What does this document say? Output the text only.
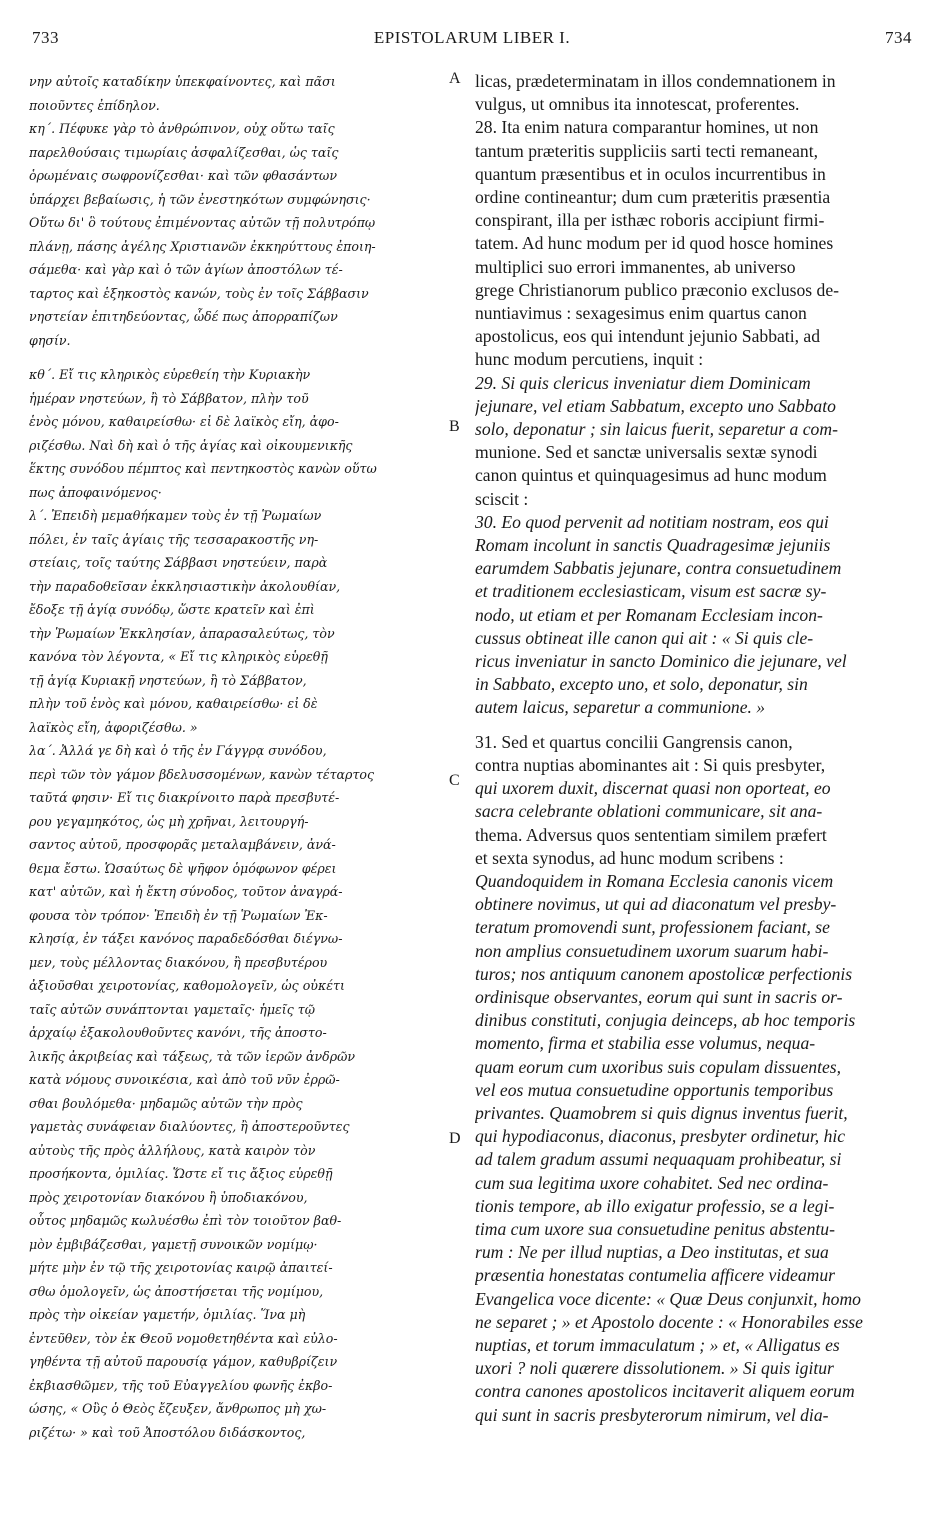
733	EPISTOLARUM LIBER I.	734
A
B
C
D
νην αὐτοῖς καταδίκην ὑπεκφαίνοντες, καὶ πᾶσι
ποιοῦντες ἐπίδηλον.
κη΄. Πέφυκε γὰρ τὸ ἀνθρώπινον, οὐχ οὕτω ταῖς
παρελθούσαις τιμωρίαις ἀσφαλίζεσθαι, ὡς ταῖς
ὁρωμέναις σωφρονίζεσθαι· καὶ τῶν φθασάντων
ὑπάρχει βεβαίωσις, ἡ τῶν ἐνεστηκότων συμφώνησις·
Οὕτω δι' ὃ τούτους ἐπιμένοντας αὐτῶν τῇ πολυτρόπῳ
πλάνῃ, πάσης ἀγέλης Χριστιανῶν ἐκκηρύττους ἐποιη-
σάμεθα· καὶ γὰρ καὶ ὁ τῶν ἁγίων ἀποστόλων τέ-
ταρτος καὶ ἑξηκοστὸς κανών, τοὺς ἐν τοῖς Σάββασιν
νηστείαν ἐπιτηδεύοντας, ὧδέ πως ἀπορραπίζων
φησίν.
κθ΄. Εἴ τις κληρικὸς εὑρεθείη τὴν Κυριακὴν
ἡμέραν νηστεύων, ἢ τὸ Σάββατον, πλὴν τοῦ
ἑνὸς μόνου, καθαιρείσθω· εἰ δὲ λαϊκὸς εἴη, ἀφο-
ριζέσθω. Ναὶ δὴ καὶ ὁ τῆς ἁγίας καὶ οἰκουμενικῆς
ἕκτης συνόδου πέμπτος καὶ πεντηκοστὸς κανὼν οὕτω
πως ἀποφαινόμενος·
λ΄. Ἐπειδὴ μεμαθήκαμεν τοὺς ἐν τῇ Ῥωμαίων
πόλει, ἐν ταῖς ἁγίαις τῆς τεσσαρακοστῆς νη-
στείαις, τοῖς ταύτης Σάββασι νηστεύειν, παρὰ
τὴν παραδοθεῖσαν ἐκκλησιαστικὴν ἀκολουθίαν,
ἔδοξε τῇ ἁγίᾳ συνόδῳ, ὥστε κρατεῖν καὶ ἐπὶ
τὴν Ῥωμαίων Ἐκκλησίαν, ἀπαρασαλεύτως, τὸν
κανόνα τὸν λέγοντα, « Εἴ τις κληρικὸς εὑρεθῇ
τῇ ἁγίᾳ Κυριακῇ νηστεύων, ἢ τὸ Σάββατον,
πλὴν τοῦ ἑνὸς καὶ μόνου, καθαιρείσθω· εἰ δὲ
λαϊκὸς εἴη, ἀφοριζέσθω. »
λα΄. Ἀλλά γε δὴ καὶ ὁ τῆς ἐν Γάγγρᾳ συνόδου,
περὶ τῶν τὸν γάμον βδελυσσομένων, κανὼν τέταρτος
ταῦτά φησιν· Εἴ τις διακρίνοιτο παρὰ πρεσβυτέ-
ρου γεγαμηκότος, ὡς μὴ χρῆναι, λειτουργή-
σαντος αὐτοῦ, προσφορᾶς μεταλαμβάνειν, ἀνά-
θεμα ἔστω. Ὡσαύτως δὲ ψῆφον ὁμόφωνον φέρει
κατ' αὐτῶν, καὶ ἡ ἕκτη σύνοδος, τοῦτον ἀναγρά-
φουσα τὸν τρόπον· Ἐπειδὴ ἐν τῇ Ῥωμαίων Ἐκ-
κλησίᾳ, ἐν τάξει κανόνος παραδεδόσθαι διέγνω-
μεν, τοὺς μέλλοντας διακόνου, ἢ πρεσβυτέρου
ἀξιοῦσθαι χειροτονίας, καθομολογεῖν, ὡς οὐκέτι
ταῖς αὐτῶν συνάπτονται γαμεταῖς· ἡμεῖς τῷ
ἀρχαίῳ ἐξακολουθοῦντες κανόνι, τῆς ἀποστο-
λικῆς ἀκριβείας καὶ τάξεως, τὰ τῶν ἱερῶν ἀνδρῶν
κατὰ νόμους συνοικέσια, καὶ ἀπὸ τοῦ νῦν ἐρρῶ-
σθαι βουλόμεθα· μηδαμῶς αὐτῶν τὴν πρὸς
γαμετὰς συνάφειαν διαλύοντες, ἢ ἀποστεροῦντες
αὐτοὺς τῆς πρὸς ἀλλήλους, κατὰ καιρὸν τὸν
προσήκοντα, ὁμιλίας. Ὥστε εἴ τις ἄξιος εὑρεθῇ
πρὸς χειροτονίαν διακόνου ἢ ὑποδιακόνου,
οὗτος μηδαμῶς κωλυέσθω ἐπὶ τὸν τοιοῦτον βαθ-
μὸν ἐμβιβάζεσθαι, γαμετῇ συνοικῶν νομίμῳ·
μήτε μὴν ἐν τῷ τῆς χειροτονίας καιρῷ ἀπαιτεί-
σθω ὁμολογεῖν, ὡς ἀποστήσεται τῆς νομίμου,
πρὸς τὴν οἰκείαν γαμετήν, ὁμιλίας. Ἵνα μὴ
ἐντεῦθεν, τὸν ἐκ Θεοῦ νομοθετηθέντα καὶ εὐλο-
γηθέντα τῇ αὐτοῦ παρουσίᾳ γάμον, καθυβρίζειν
ἐκβιασθῶμεν, τῆς τοῦ Εὐαγγελίου φωνῆς ἐκβο-
ώσης, « Οὓς ὁ Θεὸς ἔζευξεν, ἄνθρωπος μὴ χω-
ριζέτω· » καὶ τοῦ Ἀποστόλου διδάσκοντος,
licas, prædeterminatam in illos condemnationem in
vulgus, ut omnibus ita innotescat, proferentes.
28. Ita enim natura comparantur homines, ut non
tantum præteritis suppliciis sarti tecti remaneant,
quantum præsentibus et in oculos incurrentibus in
ordine contineantur; dum cum præteritis præsentia
conspirant, illa per isthæc roboris accipiunt firmi-
tatem. Ad hunc modum per id quod hosce homines
multiplici suo errori immanentes, ab universo
grege Christianorum publico præconio exclusos de-
nuntiavimus : sexagesimus enim quartus canon
apostolicus, eos qui intendunt jejunio Sabbati, ad
hunc modum percutiens, inquit :
29. Si quis clericus inveniatur diem Dominicam
jejunare, vel etiam Sabbatum, excepto uno Sabbato
solo, deponatur ; sin laicus fuerit, separetur a com-
munione. Sed et sanctæ universalis sextæ synodi
canon quintus et quinquagesimus ad hunc modum
sciscit :
30. Eo quod pervenit ad notitiam nostram, eos qui
Romam incolunt in sanctis Quadragesimæ jejuniis
earumdem Sabbatis jejunare, contra consuetudinem
et traditionem ecclesiasticam, visum est sacræ sy-
nodo, ut etiam et per Romanam Ecclesiam incon-
cussus obtineat ille canon qui ait : « Si quis cle-
ricus inveniatur in sancto Dominico die jejunare, vel
in Sabbato, excepto uno, et solo, deponatur, sin
autem laicus, separetur a communione. »
31. Sed et quartus concilii Gangrensis canon,
contra nuptias abominantes ait : Si quis presbyter,
qui uxorem duxit, discernat quasi non oporteat, eo
sacra celebrante oblationi communicare, sit ana-
thema. Adversus quos sententiam similem præfert
et sexta synodus, ad hunc modum scribens :
Quandoquidem in Romana Ecclesia canonis vicem
obtinere novimus, ut qui ad diaconatum vel presby-
teratum promovendi sunt, professionem faciant, se
non amplius consuetudinem uxorum suarum habi-
turos; nos antiquum canonem apostolicæ perfectionis
ordinisque observantes, eorum qui sunt in sacris or-
dinibus constituti, conjugia deinceps, ab hoc temporis
momento, firma et stabilia esse volumus, nequa-
quam eorum cum uxoribus suis copulam dissuentes,
vel eos mutua consuetudine opportunis temporibus
privantes. Quamobrem si quis dignus inventus fuerit,
qui hypodiaconus, diaconus, presbyter ordinetur, hic
ad talem gradum assumi nequaquam prohibeatur, si
cum sua legitima uxore cohabitet. Sed nec ordina-
tionis tempore, ab illo exigatur professio, se a legi-
tima cum uxore sua consuetudine penitus abstentu-
rum : Ne per illud nuptias, a Deo institutas, et sua
præsentia honestatas contumelia afficere videamur
Evangelica voce dicente: « Quæ Deus conjunxit, homo
ne separet ; » et Apostolo docente : « Honorabiles esse
nuptias, et torum immaculatum ; » et, « Alligatus es
uxori ? noli quærere dissolutionem. » Si quis igitur
contra canones apostolicos incitaverit aliquem eorum
qui sunt in sacris presbyterorum nimirum, vel dia-
